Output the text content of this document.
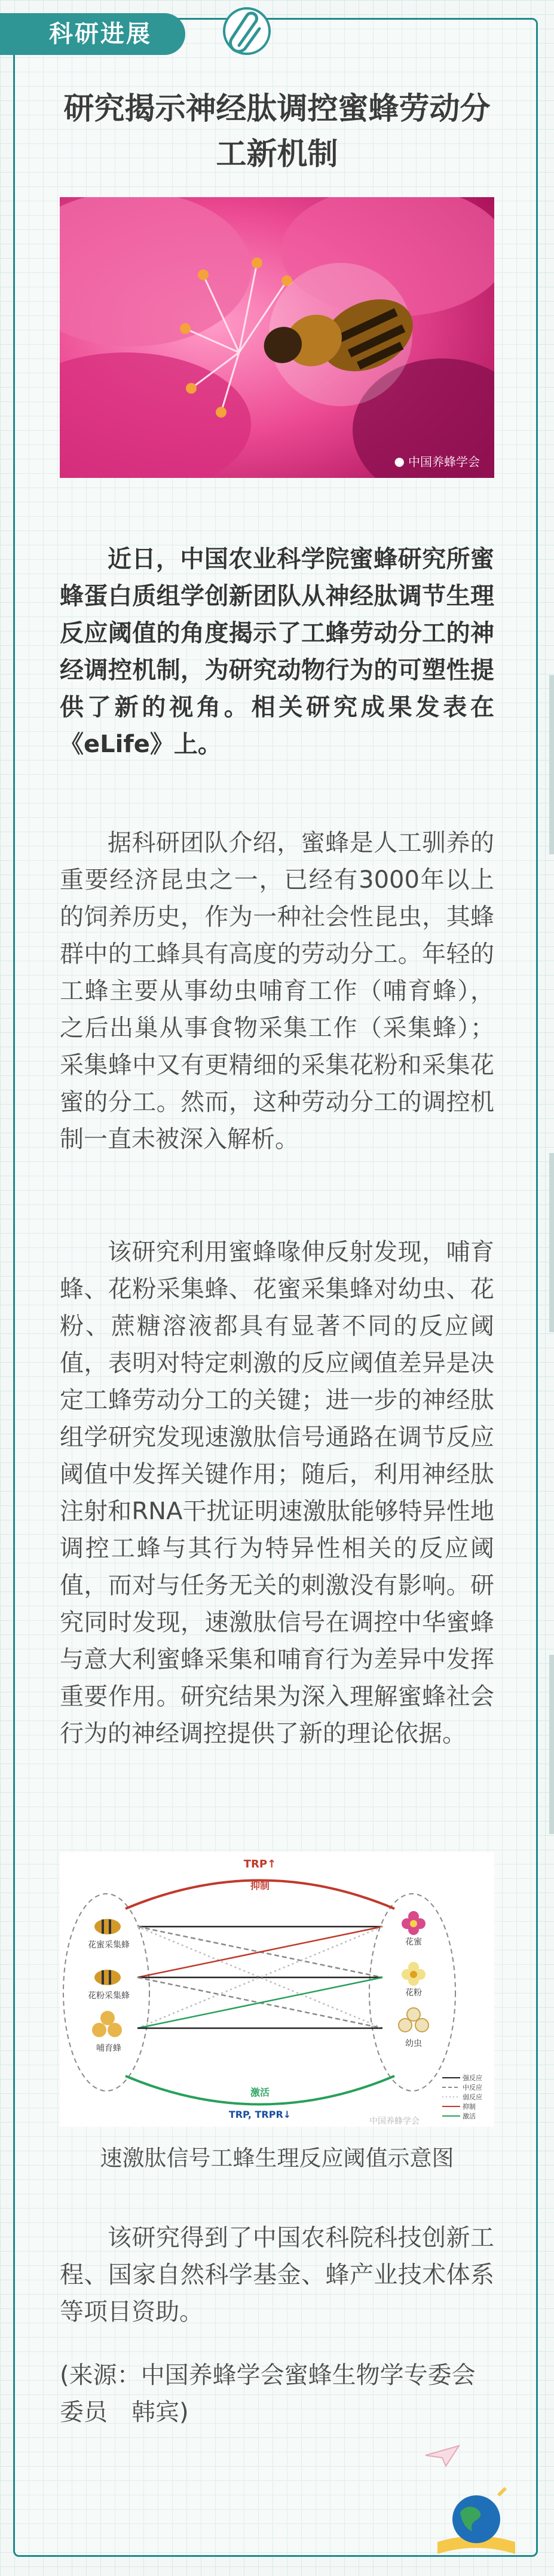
科研进展
研究揭示神经肽调控蜜蜂劳动分工新机制
● 中国养蜂学会

近日，中国农业科学院蜜蜂研究所蜜蜂蛋白质组学创新团队从神经肽调节生理反应阈值的角度揭示了工蜂劳动分工的神经调控机制，为研究动物行为的可塑性提供了新的视角。相关研究成果发表在《eLife》上。

据科研团队介绍，蜜蜂是人工驯养的重要经济昆虫之一，已经有3000年以上的饲养历史，作为一种社会性昆虫，其蜂群中的工蜂具有高度的劳动分工。年轻的工蜂主要从事幼虫哺育工作（哺育蜂），之后出巢从事食物采集工作（采集蜂）；采集蜂中又有更精细的采集花粉和采集花蜜的分工。然而，这种劳动分工的调控机制一直未被深入解析。

该研究利用蜜蜂喙伸反射发现，哺育蜂、花粉采集蜂、花蜜采集蜂对幼虫、花粉、蔗糖溶液都具有显著不同的反应阈值，表明对特定刺激的反应阈值差异是决定工蜂劳动分工的关键；进一步的神经肽组学研究发现速激肽信号通路在调节反应阈值中发挥关键作用；随后，利用神经肽注射和RNA干扰证明速激肽能够特异性地调控工蜂与其行为特异性相关的反应阈值，而对与任务无关的刺激没有影响。研究同时发现，速激肽信号在调控中华蜜蜂与意大利蜜蜂采集和哺育行为差异中发挥重要作用。研究结果为深入理解蜜蜂社会行为的神经调控提供了新的理论依据。

花蜜采集蜂
花粉采集蜂
哺育蜂
花蜜
花粉
幼虫
TRP↑
抑制
激活
TRP, TRPR↓
强反应
中反应
弱反应
抑制
激活
中国养蜂学会
速激肽信号工蜂生理反应阈值示意图

该研究得到了中国农科院科技创新工程、国家自然科学基金、蜂产业技术体系等项目资助。

(来源：中国养蜂学会蜜蜂生物学专委会委员　韩宾)
